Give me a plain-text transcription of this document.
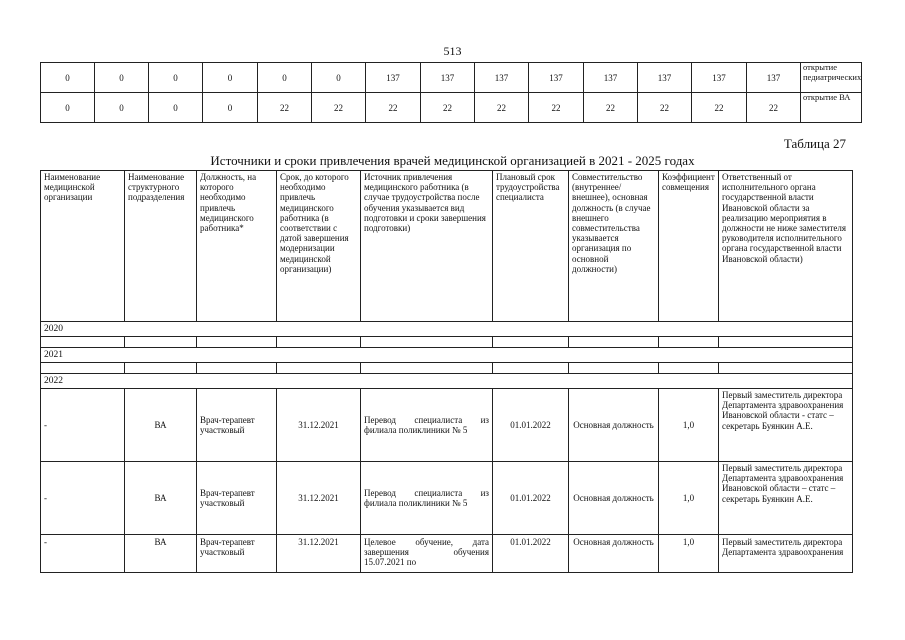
513
0	0	0	0	0	0	137	137	137	137	137	137	137	137	открытие педиатрических
0	0	0	0	22	22	22	22	22	22	22	22	22	22	открытие ВА
Таблица 27
Источники и сроки привлечения врачей медицинской организацией в 2021 - 2025 годах
Наименование медицинской организации	Наименование структурного подразделения	Должность, на которого необходимо привлечь медицинского работника*	Срок, до которого необходимо привлечь медицинского работника (в соответствии с датой завершения модернизации медицинской организации)	Источник привлечения медицинского работника (в случае трудоустройства после обучения указывается вид подготовки и сроки завершения подготовки)	Плановый срок трудоустройства специалиста	Совместительство (внутреннее/внешнее), основная должность (в случае внешнего совместительства указывается организация по основной должности)	Коэффициент совмещения	Ответственный от исполнительного органа государственной власти Ивановской области за реализацию мероприятия в должности не ниже заместителя руководителя исполнительного органа государственной власти Ивановской области)
2020								

2021								

2022								
-	ВА	Врач-терапевт участковый	31.12.2021	Перевод специалиста из филиала поликлиники № 5	01.01.2022	Основная должность	1,0	Первый заместитель директора Департамента здравоохранения Ивановской области - статс – секретарь Буянкин А.Е.
-	ВА	Врач-терапевт участковый	31.12.2021	Перевод специалиста из филиала поликлиники № 5	01.01.2022	Основная должность	1,0	Первый заместитель директора Департамента здравоохранения Ивановской области – статс – секретарь Буянкин А.Е.
-	ВА	Врач-терапевт участковый	31.12.2021	Целевое обучение, дата завершения обучения 15.07.2021 по	01.01.2022	Основная должность	1,0	Первый заместитель директора Департамента здравоохранения
